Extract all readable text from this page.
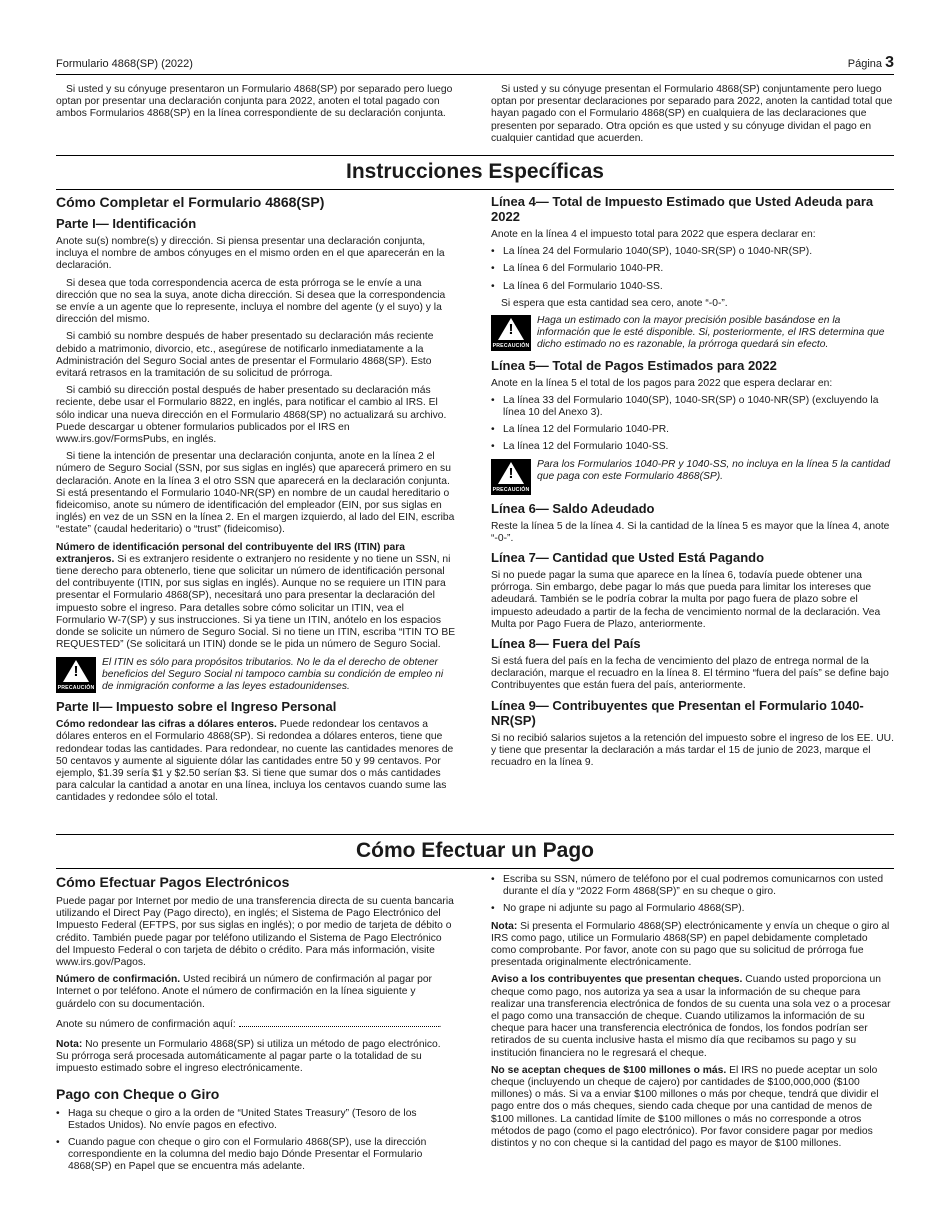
Formulario 4868(SP) (2022)	Página 3

Si usted y su cónyuge presentaron un Formulario 4868(SP) por separado pero luego optan por presentar una declaración conjunta para 2022, anoten el total pagado con ambos Formularios 4868(SP) en la línea correspondiente de su declaración conjunta.

Si usted y su cónyuge presentan el Formulario 4868(SP) conjuntamente pero luego optan por presentar declaraciones por separado para 2022, anoten la cantidad total que hayan pagado con el Formulario 4868(SP) en cualquiera de las declaraciones que presenten por separado. Otra opción es que usted y su cónyuge dividan el pago en cualquier cantidad que acuerden.

Instrucciones Específicas
Cómo Completar el Formulario 4868(SP)
Parte I— Identificación

Anote su(s) nombre(s) y dirección. Si piensa presentar una declaración conjunta, incluya el nombre de ambos cónyuges en el mismo orden en el que aparecerán en la declaración.

Si desea que toda correspondencia acerca de esta prórroga se le envíe a una dirección que no sea la suya, anote dicha dirección. Si desea que la correspondencia se envíe a un agente que lo represente, incluya el nombre del agente (y el suyo) y la dirección del mismo.

Si cambió su nombre después de haber presentado su declaración más reciente debido a matrimonio, divorcio, etc., asegúrese de notificarlo inmediatamente a la Administración del Seguro Social antes de presentar el Formulario 4868(SP). Esto evitará retrasos en la tramitación de su solicitud de prórroga.

Si cambió su dirección postal después de haber presentado su declaración más reciente, debe usar el Formulario 8822, en inglés, para notificar el cambio al IRS. El sólo indicar una nueva dirección en el Formulario 4868(SP) no actualizará su archivo. Puede descargar u obtener formularios publicados por el IRS en www.irs.gov/FormsPubs, en inglés.

Si tiene la intención de presentar una declaración conjunta, anote en la línea 2 el número de Seguro Social (SSN, por sus siglas en inglés) que aparecerá primero en su declaración. Anote en la línea 3 el otro SSN que aparecerá en la declaración conjunta. Si está presentando el Formulario 1040-NR(SP) en nombre de un caudal hereditario o fideicomiso, anote su número de identificación del empleador (EIN, por sus siglas en inglés) en vez de un SSN en la línea 2. En el margen izquierdo, al lado del EIN, escriba “estate” (caudal hederitario) o “trust” (fideicomiso).

Número de identificación personal del contribuyente del IRS (ITIN) para extranjeros. Si es extranjero residente o extranjero no residente y no tiene un SSN, ni tiene derecho para obtenerlo, tiene que solicitar un número de identificación personal del contribuyente (ITIN, por sus siglas en inglés). Aunque no se requiere un ITIN para presentar el Formulario 4868(SP), necesitará uno para presentar la declaración del impuesto sobre el ingreso. Para detalles sobre cómo solicitar un ITIN, vea el Formulario W-7(SP) y sus instrucciones. Si ya tiene un ITIN, anótelo en los espacios donde se solicite un número de Seguro Social. Si no tiene un ITIN, escriba “ITIN TO BE REQUESTED” (Se solicitará un ITIN) donde se le pida un número de Seguro Social.

!
PRECAUCIÓN
El ITIN es sólo para propósitos tributarios. No le da el derecho de obtener beneficios del Seguro Social ni tampoco cambia su condición de empleo ni de inmigración conforme a las leyes estadounidenses.
Parte II— Impuesto sobre el Ingreso Personal

Cómo redondear las cifras a dólares enteros. Puede redondear los centavos a dólares enteros en el Formulario 4868(SP). Si redondea a dólares enteros, tiene que redondear todas las cantidades. Para redondear, no cuente las cantidades menores de 50 centavos y aumente al siguiente dólar las cantidades entre 50 y 99 centavos. Por ejemplo, $1.39 sería $1 y $2.50 serían $3. Si tiene que sumar dos o más cantidades para calcular la cantidad a anotar en una línea, incluya los centavos cuando sume las cantidades y redondee sólo el total.

Línea 4— Total de Impuesto Estimado que Usted Adeuda para 2022

Anote en la línea 4 el impuesto total para 2022 que espera declarar en:

• La línea 24 del Formulario 1040(SP), 1040-SR(SP) o 1040-NR(SP).

• La línea 6 del Formulario 1040-PR.

• La línea 6 del Formulario 1040-SS.

Si espera que esta cantidad sea cero, anote “-0-”.

!
PRECAUCIÓN
Haga un estimado con la mayor precisión posible basándose en la información que le esté disponible. Si, posteriormente, el IRS determina que dicho estimado no es razonable, la prórroga quedará sin efecto.
Línea 5— Total de Pagos Estimados para 2022

Anote en la línea 5 el total de los pagos para 2022 que espera declarar en:

• La línea 33 del Formulario 1040(SP), 1040-SR(SP) o 1040-NR(SP) (excluyendo la línea 10 del Anexo 3).

• La línea 12 del Formulario 1040-PR.

• La línea 12 del Formulario 1040-SS.

!
PRECAUCIÓN
Para los Formularios 1040-PR y 1040-SS, no incluya en la línea 5 la cantidad que paga con este Formulario 4868(SP).
Línea 6— Saldo Adeudado

Reste la línea 5 de la línea 4. Si la cantidad de la línea 5 es mayor que la línea 4, anote “-0-”.

Línea 7— Cantidad que Usted Está Pagando

Si no puede pagar la suma que aparece en la línea 6, todavía puede obtener una prórroga. Sin embargo, debe pagar lo más que pueda para limitar los intereses que adeudará. También se le podría cobrar la multa por pago fuera de plazo sobre el impuesto adeudado a partir de la fecha de vencimiento normal de la declaración. Vea Multa por Pago Fuera de Plazo, anteriormente.

Línea 8— Fuera del País

Si está fuera del país en la fecha de vencimiento del plazo de entrega normal de la declaración, marque el recuadro en la línea 8. El término “fuera del país” se define bajo Contribuyentes que están fuera del país, anteriormente.

Línea 9— Contribuyentes que Presentan el Formulario 1040-NR(SP)

Si no recibió salarios sujetos a la retención del impuesto sobre el ingreso de los EE. UU. y tiene que presentar la declaración a más tardar el 15 de junio de 2023, marque el recuadro en la línea 9.

Cómo Efectuar un Pago
Cómo Efectuar Pagos Electrónicos

Puede pagar por Internet por medio de una transferencia directa de su cuenta bancaria utilizando el Direct Pay (Pago directo), en inglés; el Sistema de Pago Electrónico del Impuesto Federal (EFTPS, por sus siglas en inglés); o por medio de tarjeta de débito o crédito. También puede pagar por teléfono utilizando el Sistema de Pago Electrónico del Impuesto Federal o con tarjeta de débito o crédito. Para más información, visite www.irs.gov/Pagos.

Número de confirmación. Usted recibirá un número de confirmación al pagar por Internet o por teléfono. Anote el número de confirmación en la línea siguiente y guárdelo con su documentación.

Anote su número de confirmación aquí:	.

Nota: No presente un Formulario 4868(SP) si utiliza un método de pago electrónico. Su prórroga será procesada automáticamente al pagar parte o la totalidad de su impuesto estimado sobre el ingreso electrónicamente.

Pago con Cheque o Giro

• Haga su cheque o giro a la orden de “United States Treasury” (Tesoro de los Estados Unidos). No envíe pagos en efectivo.

• Cuando pague con cheque o giro con el Formulario 4868(SP), use la dirección correspondiente en la columna del medio bajo Dónde Presentar el Formulario 4868(SP) en Papel que se encuentra más adelante.

• Escriba su SSN, número de teléfono por el cual podremos comunicarnos con usted durante el día y “2022 Form 4868(SP)” en su cheque o giro.

• No grape ni adjunte su pago al Formulario 4868(SP).

Nota: Si presenta el Formulario 4868(SP) electrónicamente y envía un cheque o giro al IRS como pago, utilice un Formulario 4868(SP) en papel debidamente completado como comprobante. Por favor, anote con su pago que su solicitud de prórroga fue presentada originalmente electrónicamente.

Aviso a los contribuyentes que presentan cheques. Cuando usted proporciona un cheque como pago, nos autoriza ya sea a usar la información de su cheque para realizar una transferencia electrónica de fondos de su cuenta una sola vez o a procesar el pago como una transacción de cheque. Cuando utilizamos la información de su cheque para hacer una transferencia electrónica de fondos, los fondos podrían ser retirados de su cuenta inclusive hasta el mismo día que recibamos su pago y su institución financiera no le regresará el cheque.

No se aceptan cheques de $100 millones o más. El IRS no puede aceptar un solo cheque (incluyendo un cheque de cajero) por cantidades de $100,000,000 ($100 millones) o más. Si va a enviar $100 millones o más por cheque, tendrá que dividir el pago entre dos o más cheques, siendo cada cheque por una cantidad de menos de $100 millones. La cantidad límite de $100 millones o más no corresponde a otros métodos de pago (como el pago electrónico). Por favor considere pagar por medios distintos y no con cheque si la cantidad del pago es mayor de $100 millones.
